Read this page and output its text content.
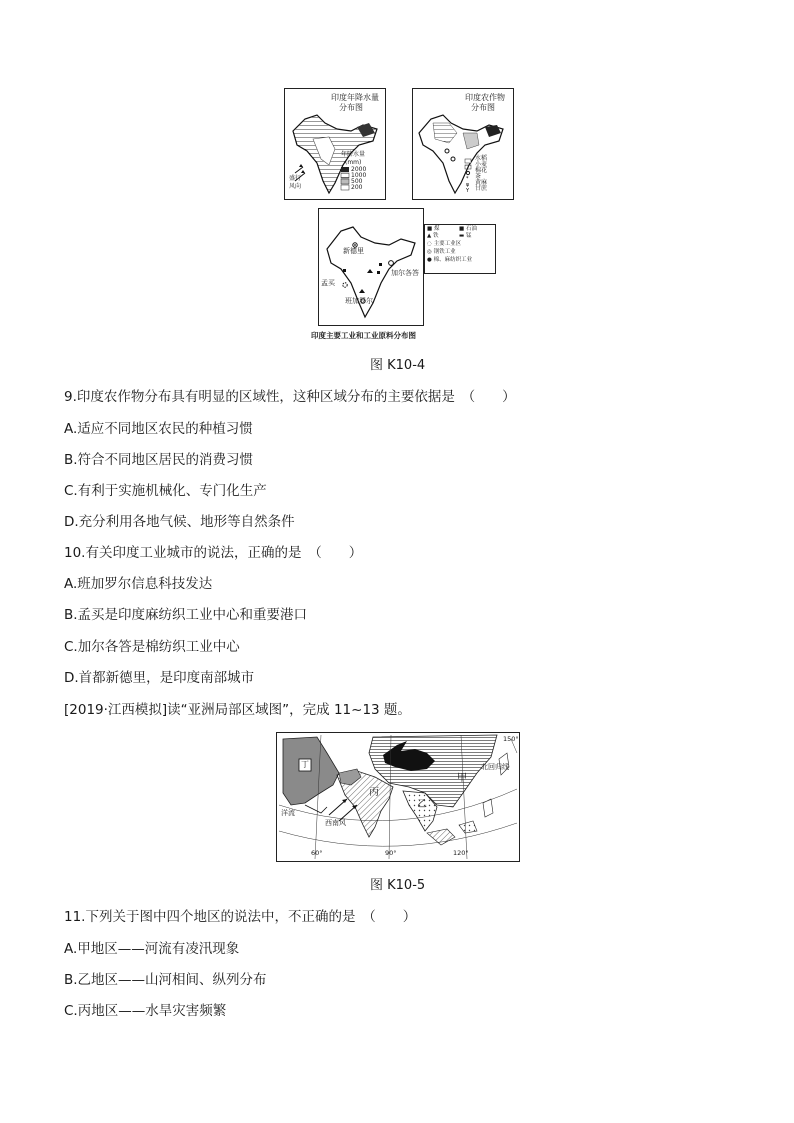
印度年降水量
分布图
年降水量
(mm)
2000
1000
500
200
盛行
风向
*
ψ
Y
印度农作物
分布图
水稻
小麦
棉花
茶
黄麻
甘蔗
新德里
加尔各答
孟买
班加罗尔
■ 煤	■ 石油
▲ 铁	▬ 锰
◌ 主要工业区
◎ 钢铁工业
● 棉、麻纺织工业
印度主要工业和工业原料分布图
图 K10-4
9.印度农作物分布具有明显的区域性，这种区域分布的主要依据是　（　　）
A.适应不同地区农民的种植习惯
B.符合不同地区居民的消费习惯
C.有利于实施机械化、专门化生产
D.充分利用各地气候、地形等自然条件
10.有关印度工业城市的说法，正确的是　（　　）
A.班加罗尔信息科技发达
B.孟买是印度麻纺织工业中心和重要港口
C.加尔各答是棉纺织工业中心
D.首都新德里，是印度南部城市
[2019·江西模拟]读“亚洲局部区域图”，完成 11~13 题。
丁
甲
乙
丙
北回归线
西南风
洋流
60°	90°	120°
150°
图 K10-5
11.下列关于图中四个地区的说法中，不正确的是　（　　）
A.甲地区——河流有凌汛现象
B.乙地区——山河相间、纵列分布
C.丙地区——水旱灾害频繁
